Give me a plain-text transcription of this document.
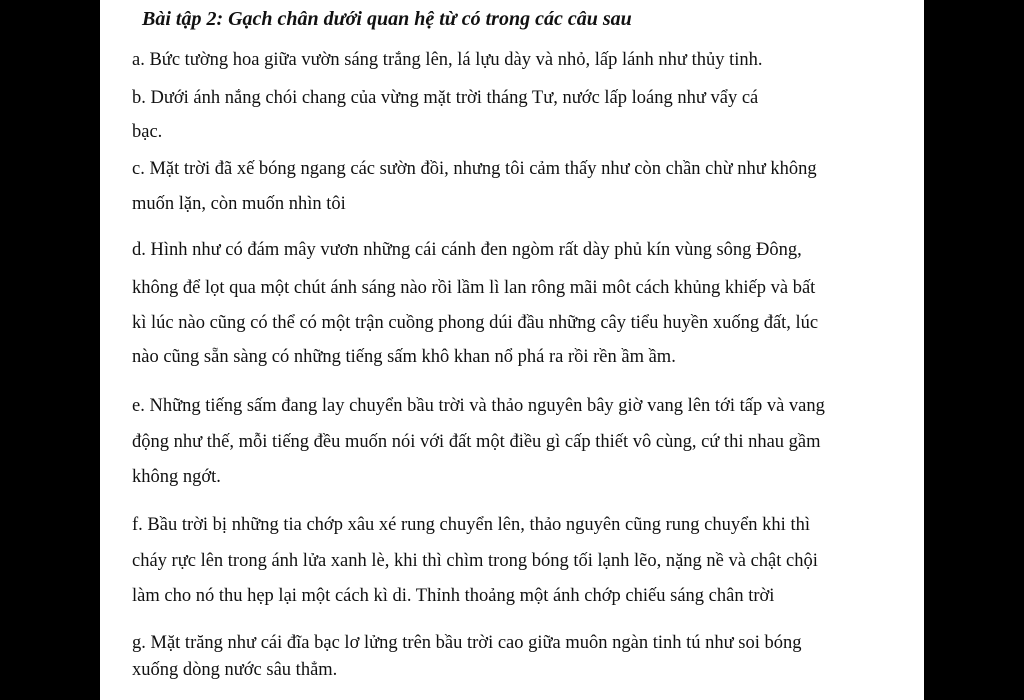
Bài tập 2: Gạch chân dưới quan hệ từ có trong các câu sau
a. Bức tường hoa giữa vườn sáng trắng lên, lá lựu dày và nhỏ, lấp lánh như thủy tinh.
b. Dưới ánh nắng chói chang của vừng mặt trời tháng Tư, nước lấp loáng như vẩy cá
bạc.
c. Mặt trời đã xế bóng ngang các sườn đồi, nhưng tôi cảm thấy như còn chần chừ như không
muốn lặn, còn muốn nhìn tôi
d. Hình như có đám mây vươn những cái cánh đen ngòm rất dày phủ kín vùng sông Đông,
không để lọt qua một chút ánh sáng nào rồi lầm lì lan rông mãi môt cách khủng khiếp và bất
kì lúc nào cũng có thể có một trận cuồng phong dúi đầu những cây tiểu huyền xuống đất, lúc
nào cũng sẵn sàng có những tiếng sấm khô khan nổ phá ra rồi rền ầm ầm.
e. Những tiếng sấm đang lay chuyển bầu trời và thảo nguyên bây giờ vang lên tới tấp và vang
động như thế, mỗi tiếng đều muốn nói với đất một điều gì cấp thiết vô cùng, cứ thi nhau gầm
không ngớt.
f. Bầu trời bị những tia chớp xâu xé rung chuyển lên, thảo nguyên cũng rung chuyển khi thì
cháy rực lên trong ánh lửa xanh lè, khi thì chìm trong bóng tối lạnh lẽo, nặng nề và chật chội
làm cho nó thu hẹp lại một cách kì di. Thỉnh thoảng một ánh chớp chiếu sáng chân trời
g. Mặt trăng như cái đĩa bạc lơ lửng trên bầu trời cao giữa muôn ngàn tinh tú như soi bóng
xuống dòng nước sâu thẳm.
